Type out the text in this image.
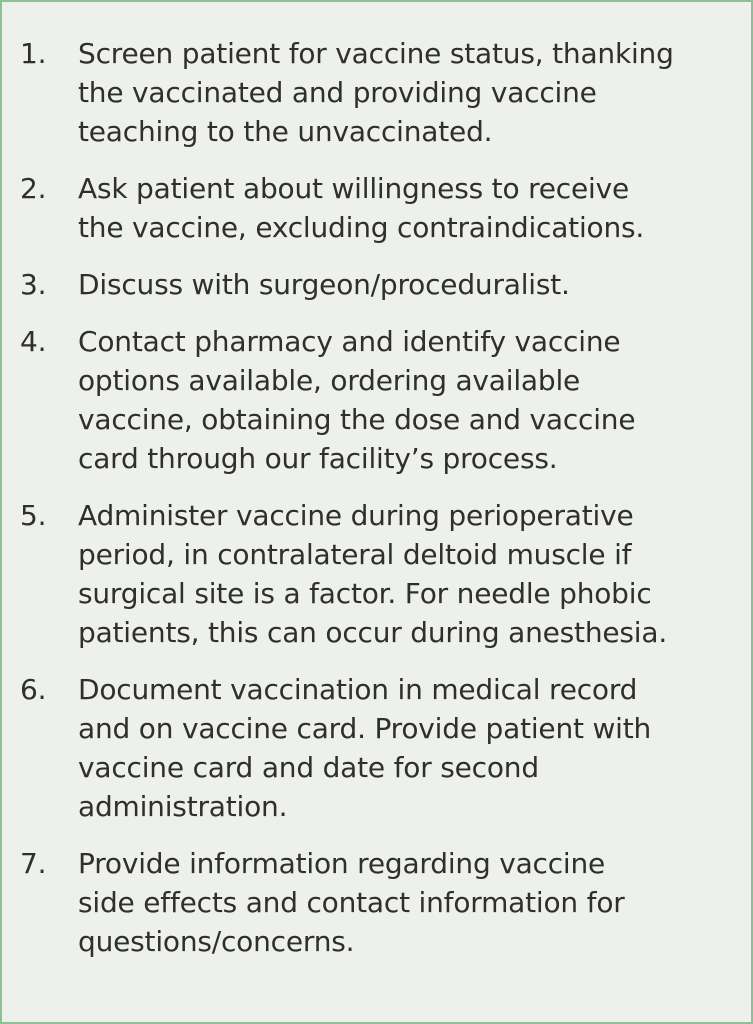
1.	Screen patient for vaccine status, thanking
the vaccinated and providing vaccine
teaching to the unvaccinated.
2.	Ask patient about willingness to receive
the vaccine, excluding contraindications.
3.	Discuss with surgeon/proceduralist.
4.	Contact pharmacy and identify vaccine
options available, ordering available
vaccine, obtaining the dose and vaccine
card through our facility’s process.
5.	Administer vaccine during perioperative
period, in contralateral deltoid muscle if
surgical site is a factor. For needle phobic
patients, this can occur during anesthesia.
6.	Document vaccination in medical record
and on vaccine card. Provide patient with
vaccine card and date for second
administration.
7.	Provide information regarding vaccine
side effects and contact information for
questions/concerns.
